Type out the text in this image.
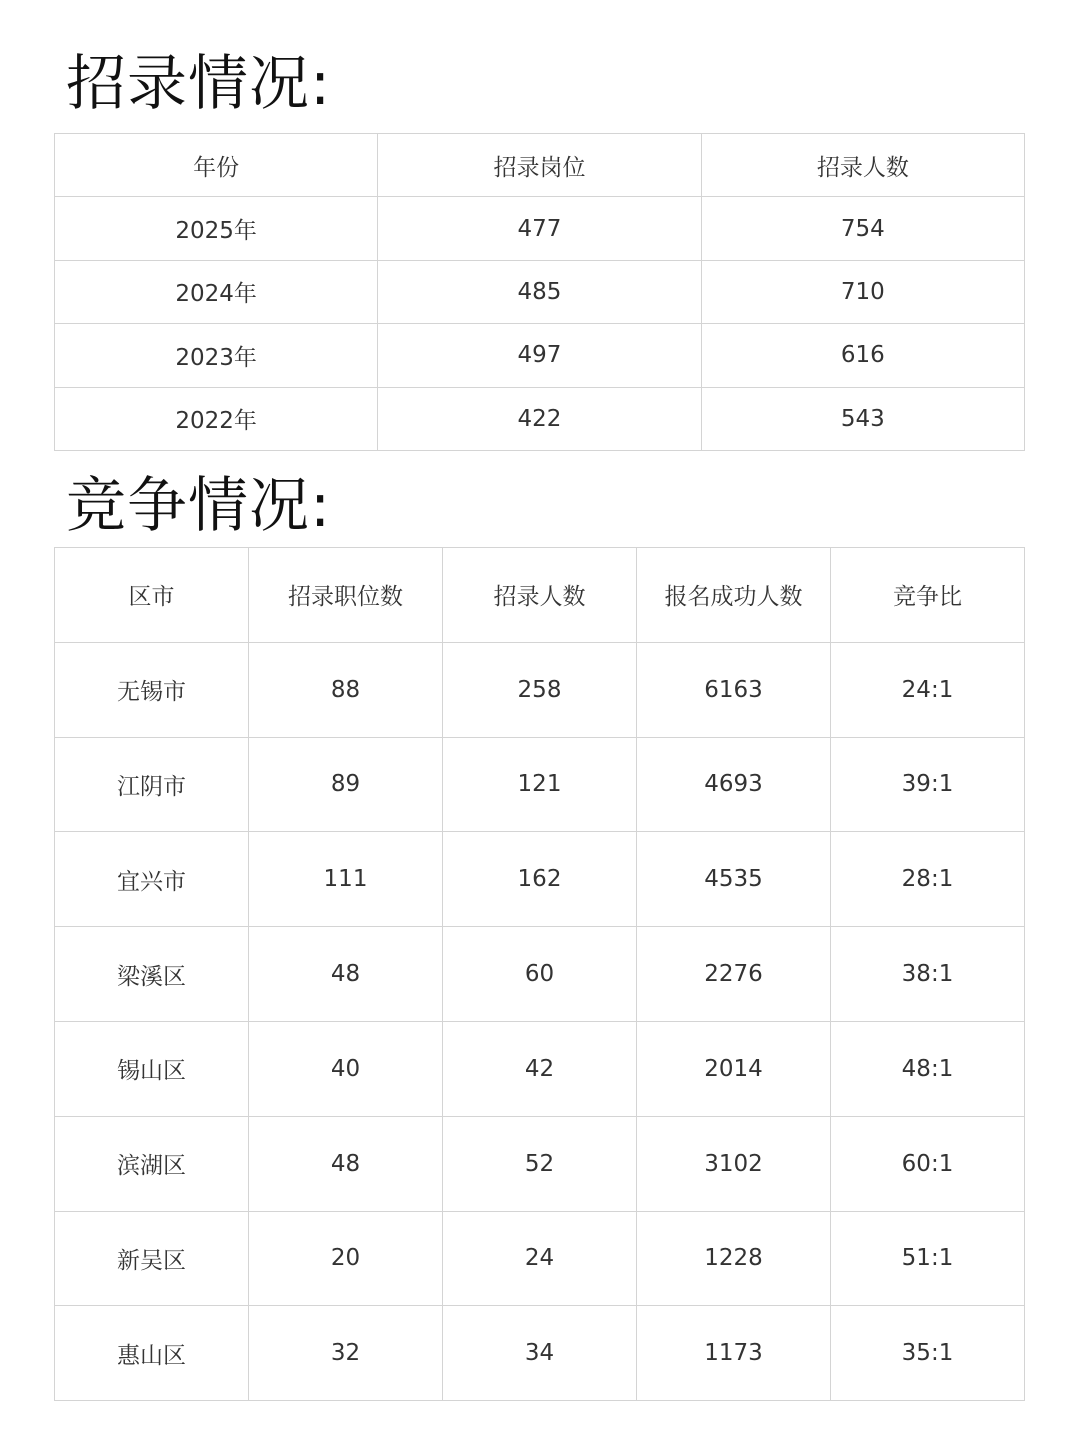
招录情况:
年份	招录岗位	招录人数
2025年	477	754
2024年	485	710
2023年	497	616
2022年	422	543
竞争情况:
区市	招录职位数	招录人数	报名成功人数	竞争比
无锡市	88	258	6163	24:1
江阴市	89	121	4693	39:1
宜兴市	111	162	4535	28:1
梁溪区	48	60	2276	38:1
锡山区	40	42	2014	48:1
滨湖区	48	52	3102	60:1
新吴区	20	24	1228	51:1
惠山区	32	34	1173	35:1
